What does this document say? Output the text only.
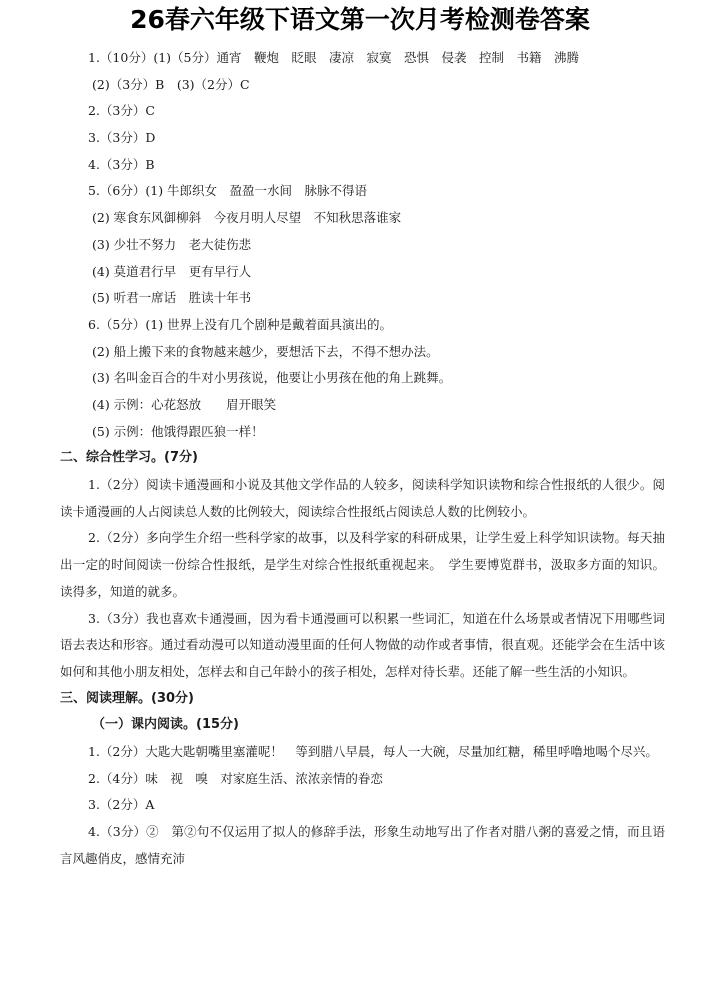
26春六年级下语文第一次月考检测卷答案
1.（10分）(1)（5分）通宵　鞭炮　眨眼　凄凉　寂寞　恐惧　侵袭　控制　书籍　沸腾
(2)（3分）B　(3)（2分）C
2.（3分）C
3.（3分）D
4.（3分）B
5.（6分）(1) 牛郎织女　盈盈一水间　脉脉不得语
(2) 寒食东风御柳斜　今夜月明人尽望　不知秋思落谁家
(3) 少壮不努力　老大徒伤悲
(4) 莫道君行早　更有早行人
(5) 听君一席话　胜读十年书
6.（5分）(1) 世界上没有几个剧种是戴着面具演出的。
(2) 船上搬下来的食物越来越少，要想活下去，不得不想办法。
(3) 名叫金百合的牛对小男孩说，他要让小男孩在他的角上跳舞。
(4) 示例：心花怒放　　眉开眼笑
(5) 示例：他饿得跟匹狼一样！
二、综合性学习。(7分)
1.（2分）阅读卡通漫画和小说及其他文学作品的人较多，阅读科学知识读物和综合性报纸的人很少。阅读卡通漫画的人占阅读总人数的比例较大，阅读综合性报纸占阅读总人数的比例较小。
2.（2分）多向学生介绍一些科学家的故事，以及科学家的科研成果，让学生爱上科学知识读物。每天抽出一定的时间阅读一份综合性报纸，是学生对综合性报纸重视起来。　学生要博览群书，汲取多方面的知识。读得多，知道的就多。
3.（3分）我也喜欢卡通漫画，因为看卡通漫画可以积累一些词汇，知道在什么场景或者情况下用哪些词语去表达和形容。通过看动漫可以知道动漫里面的任何人物做的动作或者事情，很直观。还能学会在生活中该如何和其他小朋友相处，怎样去和自己年龄小的孩子相处，怎样对待长辈。还能了解一些生活的小知识。
三、阅读理解。(30分)
（一）课内阅读。(15分)
1.（2分）大匙大匙朝嘴里塞灌呢！　等到腊八早晨，每人一大碗，尽量加红糖，稀里呼噜地喝个尽兴。
2.（4分）味　视　嗅　对家庭生活、浓浓亲情的眷恋
3.（2分）A
4.（3分）②　第②句不仅运用了拟人的修辞手法，形象生动地写出了作者对腊八粥的喜爱之情，而且语言风趣俏皮，感情充沛
